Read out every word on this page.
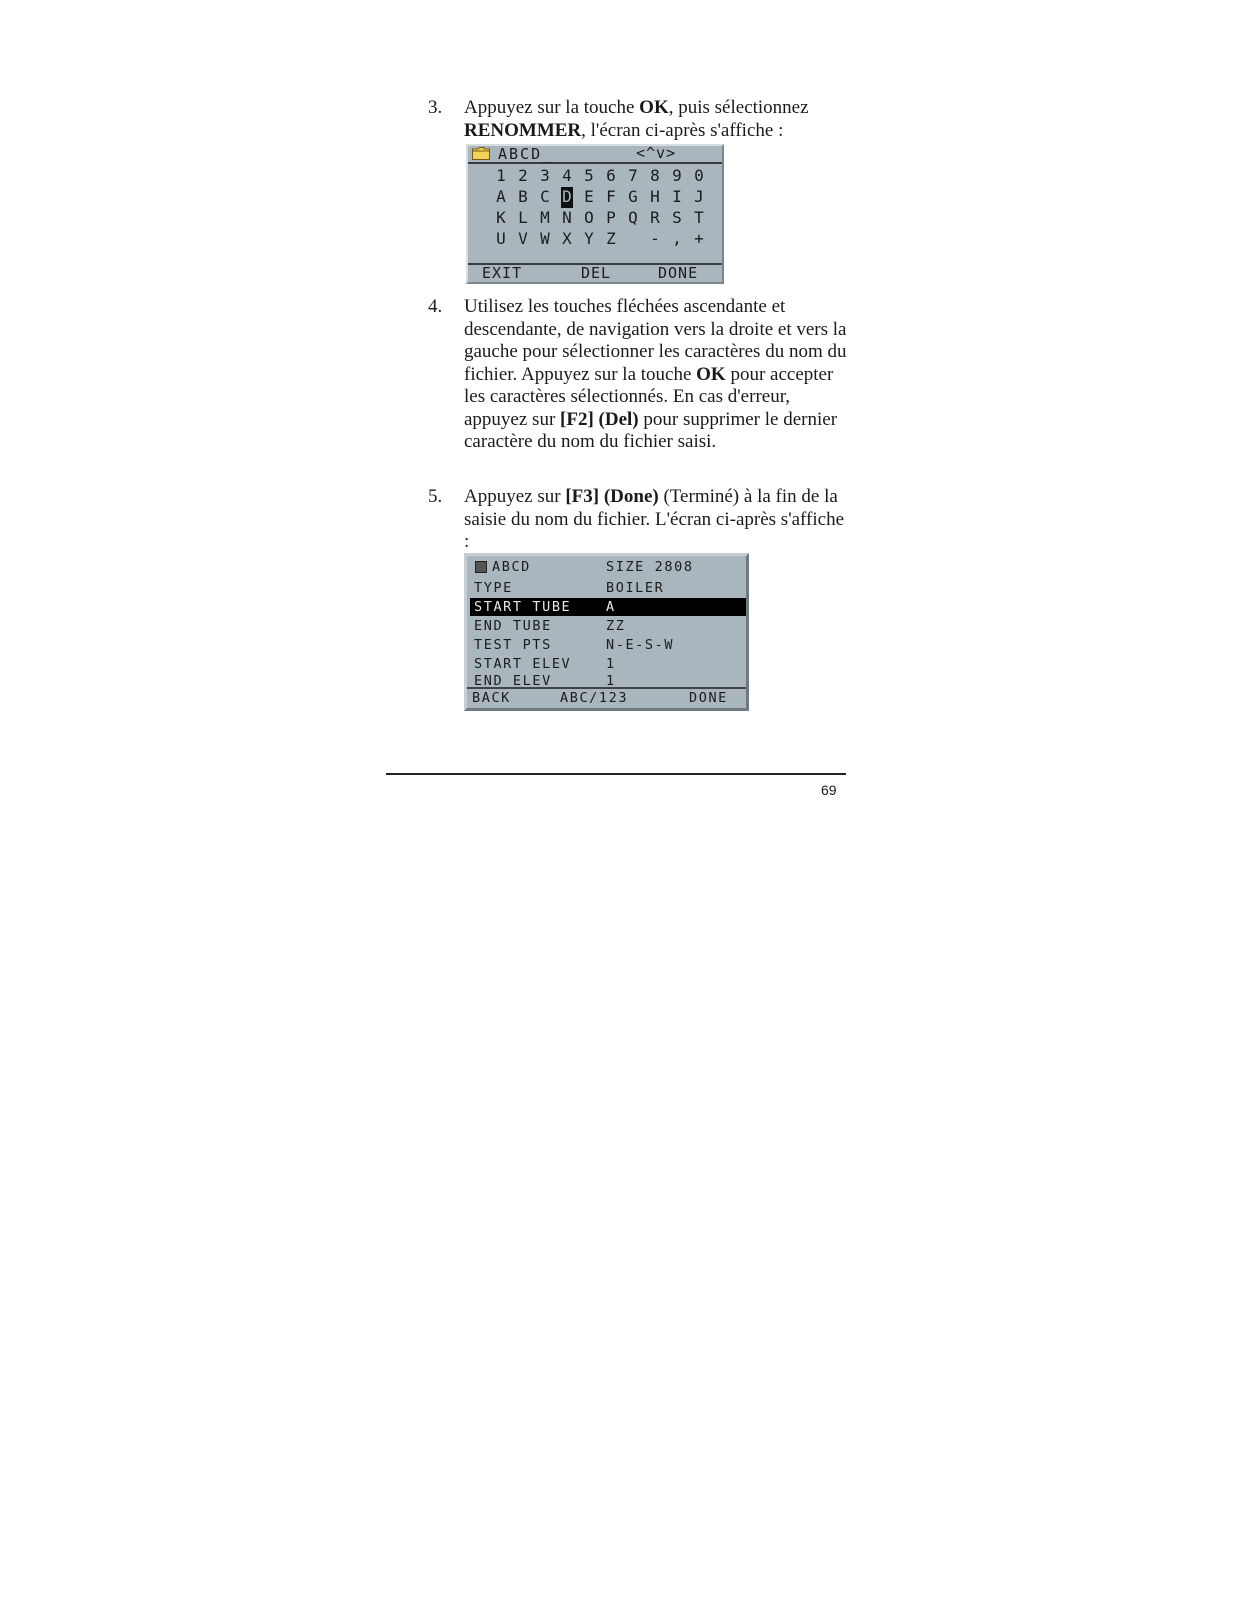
3. Appuyez sur la touche OK, puis sélectionnez RENOMMER, l'écran ci-après s'affiche :
ABCD_	<^v>
1 2 3 4 5 6 7 8 9 0
A B C D E F G H I J
K L M N O P Q R S T
U V W X Y Z	- , +
EXIT	DEL	DONE
4. Utilisez les touches fléchées ascendante et descendante, de navigation vers la droite et vers la gauche pour sélectionner les caractères du nom du fichier. Appuyez sur la touche OK pour accepter les caractères sélectionnés. En cas d'erreur, appuyez sur [F2] (Del) pour supprimer le dernier caractère du nom du fichier saisi.
5. Appuyez sur [F3] (Done) (Terminé) à la fin de la saisie du nom du fichier. L'écran ci-après s'affiche :
ABCD	SIZE 2808
TYPE	BOILER
START TUBE	A
END TUBE	ZZ
TEST PTS	N-E-S-W
START ELEV	1
END ELEV	1
BACK	ABC/123	DONE
69
